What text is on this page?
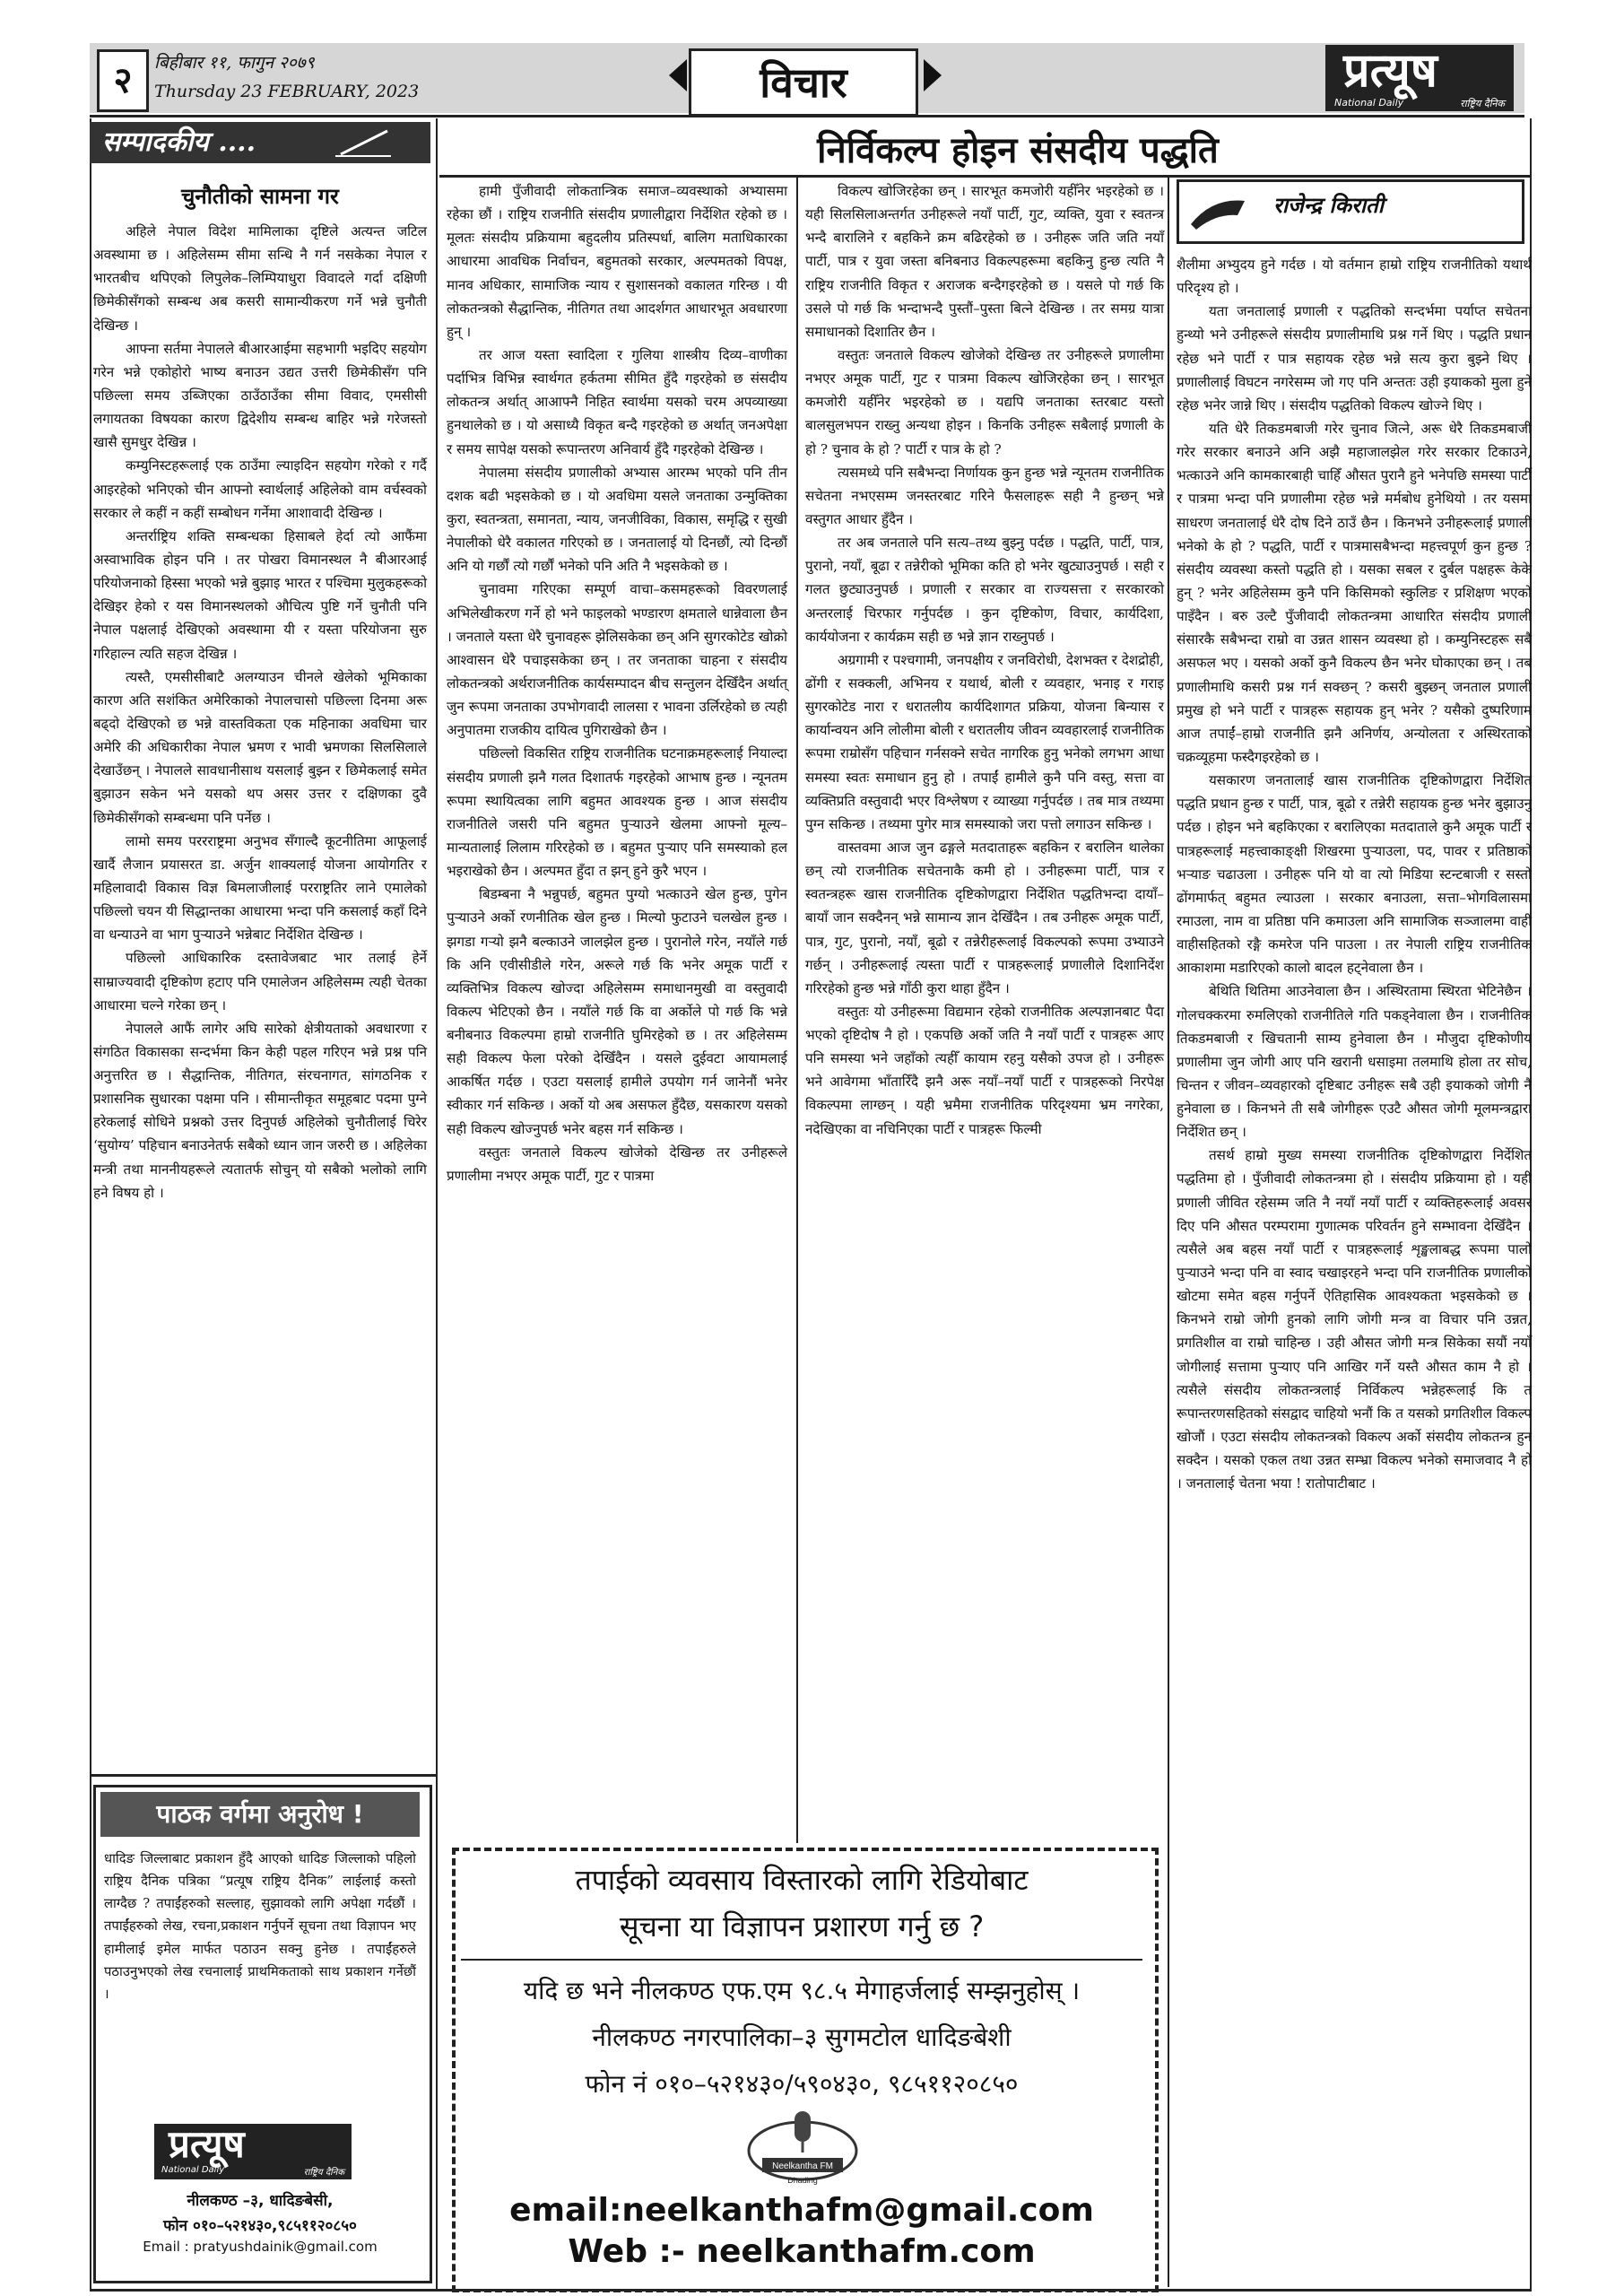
२	बिहीबार ११, फागुन २०७९
Thursday 23 FEBRUARY, 2023	विचार	प्रत्यूष
National Daily	राष्ट्रिय दैनिक
सम्पादकीय ....
चुनौतीको सामना गर

अहिले नेपाल विदेश मामिलाका दृष्टिले अत्यन्त जटिल अवस्थामा छ । अहिलेसम्म सीमा सन्धि नै गर्न नसकेका नेपाल र भारतबीच थपिएको लिपुलेक–लिम्पियाधुरा विवादले गर्दा दक्षिणी छिमेकीसँगको सम्बन्ध अब कसरी सामान्यीकरण गर्ने भन्ने चुनौती देखिन्छ ।

आफ्ना सर्तमा नेपालले बीआरआईमा सहभागी भइदिए सहयोग गरेन भन्ने एकोहोरो भाष्य बनाउन उद्यत उत्तरी छिमेकीसँग पनि पछिल्ला समय उब्जिएका ठाउँठाउँका सीमा विवाद, एमसीसी लगायतका विषयका कारण द्विदेशीय सम्बन्ध बाहिर भन्ने गरेजस्तो खासै सुमधुर देखिन्न ।

कम्युनिस्टहरूलाई एक ठाउँमा ल्याइदिन सहयोग गरेको र गर्दै आइरहेको भनिएको चीन आफ्नो स्वार्थलाई अहिलेको वाम वर्चस्वको सरकार ले कहीं न कहीं सम्बोधन गर्नेमा आशावादी देखिन्छ ।

अन्तर्राष्ट्रिय शक्ति सम्बन्धका हिसाबले हेर्दा त्यो आफैंमा अस्वाभाविक होइन पनि । तर पोखरा विमानस्थल नै बीआरआई परियोजनाको हिस्सा भएको भन्ने बुझाइ भारत र पश्चिमा मुलुकहरूको देखिइर हेको र यस विमानस्थलको औचित्य पुष्टि गर्ने चुनौती पनि नेपाल पक्षलाई देखिएको अवस्थामा यी र यस्ता परियोजना सुरु गरिहाल्न त्यति सहज देखिन्न ।

त्यस्तै, एमसीसीबाटै अलग्याउन चीनले खेलेको भूमिकाका कारण अति सशंकित अमेरिकाको नेपालचासो पछिल्ला दिनमा अरू बढ्दो देखिएको छ भन्ने वास्तविकता एक महिनाका अवधिमा चार अमेरि की अधिकारीका नेपाल भ्रमण र भावी भ्रमणका सिलसिलाले देखाउँछन् । नेपालले सावधानीसाथ यसलाई बुझ्न र छिमेकलाई समेत बुझाउन सकेन भने यसको थप असर उत्तर र दक्षिणका दुवै छिमेकीसँगको सम्बन्धमा पनि पर्नेछ ।

लामो समय पररराष्ट्रमा अनुभव सँगाल्दै कूटनीतिमा आफूलाई खार्दै लैजान प्रयासरत डा. अर्जुन शाक्यलाई योजना आयोगतिर र महिलावादी विकास विज्ञ बिमलाजीलाई परराष्ट्रतिर लाने एमालेको पछिल्लो चयन यी सिद्धान्तका आधारमा भन्दा पनि कसलाई कहाँ दिने वा धन्याउने वा भाग पुऱ्याउने भन्नेबाट निर्देशित देखिन्छ ।

पछिल्लो आधिकारिक दस्तावेजबाट भार तलाई हेर्ने साम्राज्यवादी दृष्टिकोण हटाए पनि एमालेजन अहिलेसम्म त्यही चेतका आधारमा चल्ने गरेका छन् ।

नेपालले आफैं लागेर अघि सारेको क्षेत्रीयताको अवधारणा र संगठित विकासका सन्दर्भमा किन केही पहल गरिएन भन्ने प्रश्न पनि अनुत्तरित छ । सैद्धान्तिक, नीतिगत, संरचनागत, सांगठनिक र प्रशासनिक सुधारका पक्षमा पनि । सीमान्तीकृत समूहबाट पदमा पुग्ने हरेकलाई सोधिने प्रश्नको उत्तर दिनुपर्छ अहिलेको चुनौतीलाई चिरेर ‘सुयोग्य’ पहिचान बनाउनेतर्फ सबैको ध्यान जान जरुरी छ । अहिलेका मन्त्री तथा माननीयहरूले त्यतातर्फ सोचुन् यो सबैको भलोको लागि हने विषय हो ।

पाठक वर्गमा अनुरोध !
धादिङ जिल्लाबाट प्रकाशन हुँदै आएको धादिङ जिल्लाको पहिलो राष्ट्रिय दैनिक पत्रिका “प्रत्यूष राष्ट्रिय दैनिक” लाईलाई कस्तो लाग्दैछ ? तपाईंहरुको सल्लाह, सुझावको लागि अपेक्षा गर्दछौं । तपाईंहरुको लेख, रचना,प्रकाशन गर्नुपर्ने सूचना तथा विज्ञापन भए हामीलाई इमेल मार्फत पठाउन सक्नु हुनेछ । तपाईंहरुले पठाउनुभएको लेख रचनालाई प्राथमिकताको साथ प्रकाशन गर्नेछौं ।
प्रत्यूष
National Daily	राष्ट्रिय दैनिक
नीलकण्ठ –३, धादिङबेसी,
फोन ०१०–५२१४३०,९८५११२०८५०
Email : pratyushdainik@gmail.com
निर्विकल्प होइन संसदीय पद्धति

हामी पुँजीवादी लोकतान्त्रिक समाज–व्यवस्थाको अभ्यासमा रहेका छौं । राष्ट्रिय राजनीति संसदीय प्रणालीद्वारा निर्देशित रहेको छ । मूलतः संसदीय प्रक्रियामा बहुदलीय प्रतिस्पर्धा, बालिग मताधिकारका आधारमा आवधिक निर्वाचन, बहुमतको सरकार, अल्पमतको विपक्ष, मानव अधिकार, सामाजिक न्याय र सुशासनको वकालत गरिन्छ । यी लोकतन्त्रको सैद्धान्तिक, नीतिगत तथा आदर्शगत आधारभूत अवधारणा हुन् ।

तर आज यस्ता स्वादिला र गुलिया शास्त्रीय दिव्य–वाणीका पर्दाभित्र विभिन्न स्वार्थगत हर्कतमा सीमित हुँदै गइरहेको छ संसदीय लोकतन्त्र अर्थात् आआफ्नै निहित स्वार्थमा यसको चरम अपव्याख्या हुनथालेको छ । यो असाध्यै विकृत बन्दै गइरहेको छ अर्थात् जनअपेक्षा र समय सापेक्ष यसको रूपान्तरण अनिवार्य हुँदै गइरहेको देखिन्छ ।

नेपालमा संसदीय प्रणालीको अभ्यास आरम्भ भएको पनि तीन दशक बढी भइसकेको छ । यो अवधिमा यसले जनताका उन्मुक्तिका कुरा, स्वतन्त्रता, समानता, न्याय, जनजीविका, विकास, समृद्धि र सुखी नेपालीको धेरै वकालत गरिएको छ । जनतालाई यो दिनछौं, त्यो दिन्छौं अनि यो गर्छौं त्यो गर्छौं भनेको पनि अति नै भइसकेको छ ।

चुनावमा गरिएका सम्पूर्ण वाचा–कसमहरूको विवरणलाई अभिलेखीकरण गर्ने हो भने फाइलको भण्डारण क्षमताले धान्नेवाला छैन । जनताले यस्ता धेरै चुनावहरू झेलिसकेका छन् अनि सुगरकोटेड खोक्रो आश्वासन धेरै पचाइसकेका छन् । तर जनताका चाहना र संसदीय लोकतन्त्रको अर्थराजनीतिक कार्यसम्पादन बीच सन्तुलन देखिँदैन अर्थात् जुन रूपमा जनताका उपभोगवादी लालसा र भावना उर्लिरहेको छ त्यही अनुपातमा राजकीय दायित्व पुगिराखेको छैन ।

पछिल्लो विकसित राष्ट्रिय राजनीतिक घटनाक्रमहरूलाई नियाल्दा संसदीय प्रणाली झनै गलत दिशातर्फ गइरहेको आभाष हुन्छ । न्यूनतम रूपमा स्थायित्वका लागि बहुमत आवश्यक हुन्छ । आज संसदीय राजनीतिले जसरी पनि बहुमत पुऱ्याउने खेलमा आफ्नो मूल्य–मान्यतालाई लिलाम गरिरहेको छ । बहुमत पुऱ्याए पनि समस्याको हल भइराखेको छैन । अल्पमत हुँदा त झन् हुने कुरै भएन ।

बिडम्बना नै भन्नुपर्छ, बहुमत पुग्यो भत्काउने खेल हुन्छ, पुगेन पुऱ्याउने अर्को रणनीतिक खेल हुन्छ । मिल्यो फुटाउने चलखेल हुन्छ । झगडा गऱ्यो झनै बल्काउने जालझेल हुन्छ । पुरानोले गरेन, नयाँले गर्छ कि अनि एवीसीडीले गरेन, अरूले गर्छ कि भनेर अमूक पार्टी र व्यक्तिभित्र विकल्प खोज्दा अहिलेसम्म समाधानमुखी वा वस्तुवादी विकल्प भेटिएको छैन । नयाँले गर्छ कि वा अर्कोले पो गर्छ कि भन्ने बनीबनाउ विकल्पमा हाम्रो राजनीति घुमिरहेको छ । तर अहिलेसम्म सही विकल्प फेला परेको देखिँदैन । यसले दुईवटा आयामलाई आकर्षित गर्दछ । एउटा यसलाई हामीले उपयोग गर्न जानेनौं भनेर स्वीकार गर्न सकिन्छ । अर्को यो अब असफल हुँदैछ, यसकारण यसको सही विकल्प खोज्नुपर्छ भनेर बहस गर्न सकिन्छ ।

वस्तुतः जनताले विकल्प खोजेको देखिन्छ तर उनीहरूले प्रणालीमा नभएर अमूक पार्टी, गुट र पात्रमा

विकल्प खोजिरहेका छन् । सारभूत कमजोरी यहीँनेर भइरहेको छ । यही सिलसिलाअन्तर्गत उनीहरूले नयाँ पार्टी, गुट, व्यक्ति, युवा र स्वतन्त्र भन्दै बारालिने र बहकिने क्रम बढिरहेको छ । उनीहरू जति जति नयाँ पार्टी, पात्र र युवा जस्ता बनिबनाउ विकल्पहरूमा बहकिनु हुन्छ त्यति नै राष्ट्रिय राजनीति विकृत र अराजक बन्दैगइरहेको छ । यसले पो गर्छ कि उसले पो गर्छ कि भन्दाभन्दै पुस्तौं–पुस्ता बित्ने देखिन्छ । तर समग्र यात्रा समाधानको दिशातिर छैन ।

वस्तुतः जनताले विकल्प खोजेको देखिन्छ तर उनीहरूले प्रणालीमा नभएर अमूक पार्टी, गुट र पात्रमा विकल्प खोजिरहेका छन् । सारभूत कमजोरी यहीँनेर भइरहेको छ । यद्यपि जनताका स्तरबाट यस्तो बालसुलभपन राख्नु अन्यथा होइन । किनकि उनीहरू सबैलाई प्रणाली के हो ? चुनाव के हो ? पार्टी र पात्र के हो ?

त्यसमध्ये पनि सबैभन्दा निर्णायक कुन हुन्छ भन्ने न्यूनतम राजनीतिक सचेतना नभएसम्म जनस्तरबाट गरिने फैसलाहरू सही नै हुन्छन् भन्ने वस्तुगत आधार हुँदैन ।

तर अब जनताले पनि सत्य–तथ्य बुझ्नु पर्दछ । पद्धति, पार्टी, पात्र, पुरानो, नयाँ, बूढा र तन्नेरीको भूमिका कति हो भनेर खुट्याउनुपर्छ । सही र गलत छुट्याउनुपर्छ । प्रणाली र सरकार वा राज्यसत्ता र सरकारको अन्तरलाई चिरफार गर्नुपर्दछ । कुन दृष्टिकोण, विचार, कार्यदिशा, कार्ययोजना र कार्यक्रम सही छ भन्ने ज्ञान राख्नुपर्छ ।

अग्रगामी र पश्चगामी, जनपक्षीय र जनविरोधी, देशभक्त र देशद्रोही, ढोंगी र सक्कली, अभिनय र यथार्थ, बोली र व्यवहार, भनाइ र गराइ सुगरकोटेड नारा र धरातलीय कार्यदिशागत प्रक्रिया, योजना बिन्यास र कार्यान्वयन अनि लोलीमा बोली र धरातलीय जीवन व्यवहारलाई राजनीतिक रूपमा राम्रोसँग पहिचान गर्नसक्ने सचेत नागरिक हुनु भनेको लगभग आधा समस्या स्वतः समाधान हुनु हो । तपाईं हामीले कुनै पनि वस्तु, सत्ता वा व्यक्तिप्रति वस्तुवादी भएर विश्लेषण र व्याख्या गर्नुपर्दछ । तब मात्र तथ्यमा पुग्न सकिन्छ । तथ्यमा पुगेर मात्र समस्याको जरा पत्तो लगाउन सकिन्छ ।

वास्तवमा आज जुन ढङ्गले मतदाताहरू बहकिन र बरालिन थालेका छन् त्यो राजनीतिक सचेतनाकै कमी हो । उनीहरूमा पार्टी, पात्र र स्वतन्त्रहरू खास राजनीतिक दृष्टिकोणद्वारा निर्देशित पद्धतिभन्दा दायाँ–बायाँ जान सक्दैनन् भन्ने सामान्य ज्ञान देखिँदैन । तब उनीहरू अमूक पार्टी, पात्र, गुट, पुरानो, नयाँ, बूढो र तन्नेरीहरूलाई विकल्पको रूपमा उभ्याउने गर्छन् । उनीहरूलाई त्यस्ता पार्टी र पात्रहरूलाई प्रणालीले दिशानिर्देश गरिरहेको हुन्छ भन्ने गाँठी कुरा थाहा हुँदैन ।

वस्तुतः यो उनीहरूमा विद्यमान रहेको राजनीतिक अल्पज्ञानबाट पैदा भएको दृष्टिदोष नै हो । एकपछि अर्को जति नै नयाँ पार्टी र पात्रहरू आए पनि समस्या भने जहाँको त्यहीँ कायाम रहनु यसैको उपज हो । उनीहरू भने आवेगमा भाँतारिँदै झनै अरू नयाँ–नयाँ पार्टी र पात्रहरूको निरपेक्ष विकल्पमा लाग्छन् । यही भ्रमैमा राजनीतिक परिदृश्यमा भ्रम नगरेका, नदेखिएका वा नचिनिएका पार्टी र पात्रहरू फिल्मी

राजेन्द्र किराती

शैलीमा अभ्युदय हुने गर्दछ । यो वर्तमान हाम्रो राष्ट्रिय राजनीतिको यथार्थ परिदृश्य हो ।

यता जनतालाई प्रणाली र पद्धतिको सन्दर्भमा पर्याप्त सचेतना हुन्थ्यो भने उनीहरूले संसदीय प्रणालीमाथि प्रश्न गर्ने थिए । पद्धति प्रधान रहेछ भने पार्टी र पात्र सहायक रहेछ भन्ने सत्य कुरा बुझ्ने थिए । प्रणालीलाई विघटन नगरेसम्म जो गए पनि अन्ततः उही इयाकको मुला हुने रहेछ भनेर जान्ने थिए । संसदीय पद्धतिको विकल्प खोज्ने थिए ।

यति धेरै तिकडमबाजी गरेर चुनाव जित्ने, अरू धेरै तिकडमबाजी गरेर सरकार बनाउने अनि अझै महाजालझेल गरेर सरकार टिकाउने, भत्काउने अनि कामकारबाही चाहिँ औसत पुरानै हुने भनेपछि समस्या पार्टी र पात्रमा भन्दा पनि प्रणालीमा रहेछ भन्ने मर्मबोध हुनेथियो । तर यसमा साधरण जनतालाई धेरै दोष दिने ठाउँ छैन । किनभने उनीहरूलाई प्रणाली भनेको के हो ? पद्धति, पार्टी र पात्रमासबैभन्दा महत्त्वपूर्ण कुन हुन्छ ? संसदीय व्यवस्था कस्तो पद्धति हो । यसका सबल र दुर्बल पक्षहरू केके हुन् ? भनेर अहिलेसम्म कुनै पनि किसिमको स्कुलिङ र प्रशिक्षण भएको पाइँदैन । बरु उल्टै पुँजीवादी लोकतन्त्रमा आधारित संसदीय प्रणाली संसारकै सबैभन्दा राम्रो वा उन्नत शासन व्यवस्था हो । कम्युनिस्टहरू सबै असफल भए । यसको अर्को कुनै विकल्प छैन भनेर घोकाएका छन् । तब प्रणालीमाथि कसरी प्रश्न गर्न सक्छन् ? कसरी बुझ्छन् जनताल प्रणाली प्रमुख हो भने पार्टी र पात्रहरू सहायक हुन् भनेर ? यसैको दुष्परिणाम आज तपाईं–हाम्रो राजनीति झनै अनिर्णय, अन्योलता र अस्थिरताको चक्रव्यूहमा फस्दैगइरहेको छ ।

यसकारण जनतालाई खास राजनीतिक दृष्टिकोणद्वारा निर्देशित पद्धति प्रधान हुन्छ र पार्टी, पात्र, बूढो र तन्नेरी सहायक हुन्छ भनेर बुझाउनु पर्दछ । होइन भने बहकिएका र बरालिएका मतदाताले कुनै अमूक पार्टी र पात्रहरूलाई महत्त्वाकाङ्क्षी शिखरमा पुऱ्याउला, पद, पावर र प्रतिष्ठाको भऱ्याङ चढाउला । उनीहरू पनि यो वा त्यो मिडिया स्टन्टबाजी र सस्तो ढोंगमार्फत् बहुमत ल्याउला । सरकार बनाउला, सत्ता–भोगविलासमा रमाउला, नाम वा प्रतिष्ठा पनि कमाउला अनि सामाजिक सञ्जालमा वाही वाहीसहितको रङ्गै कमरेज पनि पाउला । तर नेपाली राष्ट्रिय राजनीतिक आकाशमा मडारिएको कालो बादल हट्नेवाला छैन ।

बेथिति थितिमा आउनेवाला छैन । अस्थिरतामा स्थिरता भेटिनेछैन । गोलचक्करमा रुमलिएको राजनीतिले गति पकड्नेवाला छैन । राजनीतिक तिकडमबाजी र खिचतानी साम्य हुनेवाला छैन । मौजुदा दृष्टिकोणीय प्रणालीमा जुन जोगी आए पनि खरानी धसाइमा तलमाथि होला तर सोच, चिन्तन र जीवन–व्यवहारको दृष्टिबाट उनीहरू सबै उही इयाकको जोगी नै हुनेवाला छ । किनभने ती सबै जोगीहरू एउटै औसत जोगी मूलमन्त्रद्वारा निर्देशित छन् ।

तसर्थ हाम्रो मुख्य समस्या राजनीतिक दृष्टिकोणद्वारा निर्देशित पद्धतिमा हो । पुँजीवादी लोकतन्त्रमा हो । संसदीय प्रक्रियामा हो । यही प्रणाली जीवित रहेसम्म जति नै नयाँ नयाँ पार्टी र व्यक्तिहरूलाई अवसर दिए पनि औसत परम्परामा गुणात्मक परिवर्तन हुने सम्भावना देखिँदैन । त्यसैले अब बहस नयाँ पार्टी र पात्रहरूलाई शृङ्खलाबद्ध रूपमा पालो पुऱ्याउने भन्दा पनि वा स्वाद चखाइरहने भन्दा पनि राजनीतिक प्रणालीको खोटमा समेत बहस गर्नुपर्ने ऐतिहासिक आवश्यकता भइसकेको छ । किनभने राम्रो जोगी हुनको लागि जोगी मन्त्र वा विचार पनि उन्नत, प्रगतिशील वा राम्रो चाहिन्छ । उही औसत जोगी मन्त्र सिकेका सयौं नयाँ जोगीलाई सत्तामा पुऱ्याए पनि आखिर गर्ने यस्तै औसत काम नै हो । त्यसैले संसदीय लोकतन्त्रलाई निर्विकल्प भन्नेहरूलाई कि त रूपान्तरणसहितको संसद्वाद चाहियो भनौं कि त यसको प्रगतिशील विकल्प खोजौं । एउटा संसदीय लोकतन्त्रको विकल्प अर्को संसदीय लोकतन्त्र हुन सक्दैन । यसको एकल तथा उन्नत सम्भ्रा विकल्प भनेको समाजवाद नै हो । जनतालाई चेतना भया ! रातोपाटीबाट ।

तपाईको व्यवसाय विस्तारको लागि रेडियोबाट
सूचना या विज्ञापन प्रशारण गर्नु छ ?
यदि छ भने नीलकण्ठ एफ.एम ९८.५ मेगाहर्जलाई सम्झनुहोस् ।
नीलकण्ठ नगरपालिका–३ सुगमटोल धादिङबेशी
फोन नं ०१०–५२१४३०/५९०४३०, ९८५११२०८५०
Neelkantha FM
Dhading
email:neelkanthafm@gmail.com
Web :- neelkanthafm.com
